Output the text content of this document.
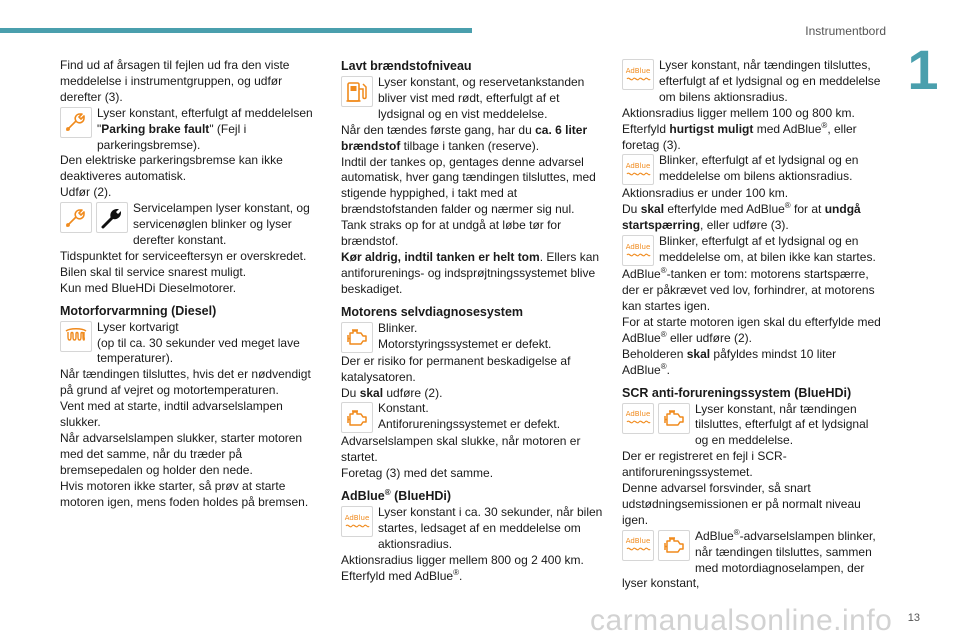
Instrumentbord
1
13
carmanualsonline.info

Find ud af årsagen til fejlen ud fra den viste meddelelse i instrumentgruppen, og udfør derefter (3).

Lyser konstant, efterfulgt af meddelelsen "Parking brake fault" (Fejl i parkeringsbremse).

Den elektriske parkeringsbremse kan ikke deaktiveres automatisk.

Udfør (2).

Servicelampen lyser konstant, og servicenøglen blinker og lyser derefter konstant.

Tidspunktet for serviceeftersyn er overskredet.

Bilen skal til service snarest muligt.

Kun med BlueHDi Dieselmotorer.

Motorforvarmning (Diesel)
Lyser kortvarigt
(op til ca. 30 sekunder ved meget lave temperaturer).

Når tændingen tilsluttes, hvis det er nødvendigt på grund af vejret og motortemperaturen.

Vent med at starte, indtil advarselslampen slukker.

Når advarselslampen slukker, starter motoren med det samme, når du træder på bremsepedalen og holder den nede.

Hvis motoren ikke starter, så prøv at starte motoren igen, mens foden holdes på bremsen.

Lavt brændstofniveau
Lyser konstant, og reservetankstanden bliver vist med rødt, efterfulgt af et lydsignal og en vist meddelelse.

Når den tændes første gang, har du ca. 6 liter brændstof tilbage i tanken (reserve).

Indtil der tankes op, gentages denne advarsel automatisk, hver gang tændingen tilsluttes, med stigende hyppighed, i takt med at brændstofstanden falder og nærmer sig nul.

Tank straks op for at undgå at løbe tør for brændstof.

Kør aldrig, indtil tanken er helt tom. Ellers kan antiforurenings- og indsprøjtningssystemet blive beskadiget.

Motorens selvdiagnosesystem
Blinker.
Motorstyringssystemet er defekt.

Der er risiko for permanent beskadigelse af katalysatoren.

Du skal udføre (2).

Konstant.
Antiforureningssystemet er defekt.

Advarselslampen skal slukke, når motoren er startet.

Foretag (3) med det samme.

AdBlue® (BlueHDi)
AdBlue Lyser konstant i ca. 30 sekunder, når bilen startes, ledsaget af en meddelelse om aktionsradius.

Aktionsradius ligger mellem 800 og 2 400 km.

Efterfyld med AdBlue®.

AdBlue Lyser konstant, når tændingen tilsluttes, efterfulgt af et lydsignal og en meddelelse om bilens aktionsradius.

Aktionsradius ligger mellem 100 og 800 km.

Efterfyld hurtigst muligt med AdBlue®, eller foretag (3).

AdBlue Blinker, efterfulgt af et lydsignal og en meddelelse om bilens aktionsradius.

Aktionsradius er under 100 km.

Du skal efterfylde med AdBlue® for at undgå startspærring, eller udføre (3).

AdBlue Blinker, efterfulgt af et lydsignal og en meddelelse om, at bilen ikke kan startes.

AdBlue®-tanken er tom: motorens startspærre, der er påkrævet ved lov, forhindrer, at motorens kan startes igen.

For at starte motoren igen skal du efterfylde med AdBlue® eller udføre (2).

Beholderen skal påfyldes mindst 10 liter AdBlue®.

SCR anti-forureningssystem (BlueHDi)
AdBlue	Lyser konstant, når tændingen tilsluttes, efterfulgt af et lydsignal og en meddelelse.

Der er registreret en fejl i SCR-antiforureningssystemet.

Denne advarsel forsvinder, så snart udstødningsemissionen er på normalt niveau igen.

AdBlue	AdBlue®-advarselslampen blinker, når tændingen tilsluttes, sammen med motordiagnoselampen, der lyser konstant,
